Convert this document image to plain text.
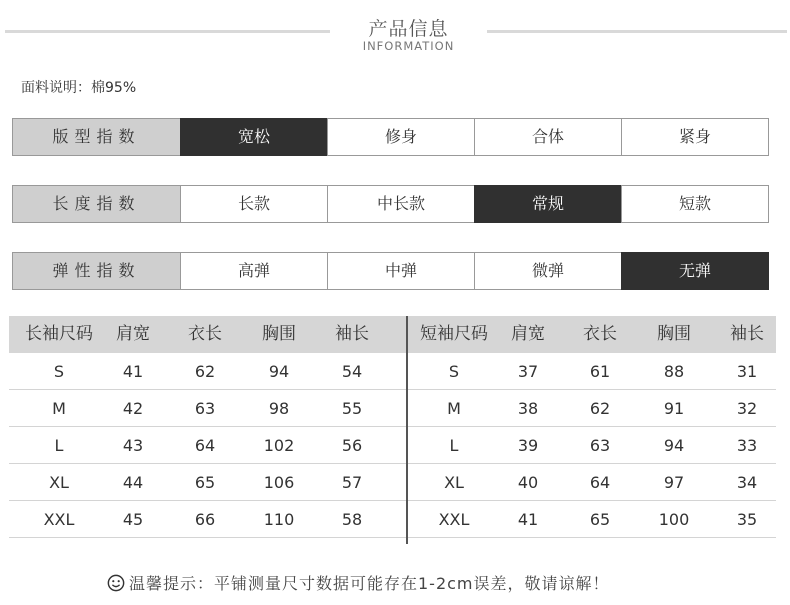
产品信息
INFORMATION
面料说明：棉95%
版型指数	宽松	修身	合体	紧身
长度指数	长款	中长款	常规	短款
弹性指数	高弹	中弹	微弹	无弹
长袖尺码	肩宽	衣长	胸围	袖长	短袖尺码	肩宽	衣长	胸围	袖长
S	41	62	94	54	S	37	61	88	31
M	42	63	98	55	M	38	62	91	32
L	43	64	102	56	L	39	63	94	33
XL	44	65	106	57	XL	40	64	97	34
XXL	45	66	110	58	XXL	41	65	100	35
温馨提示：平铺测量尺寸数据可能存在1-2cm误差，敬请谅解！
